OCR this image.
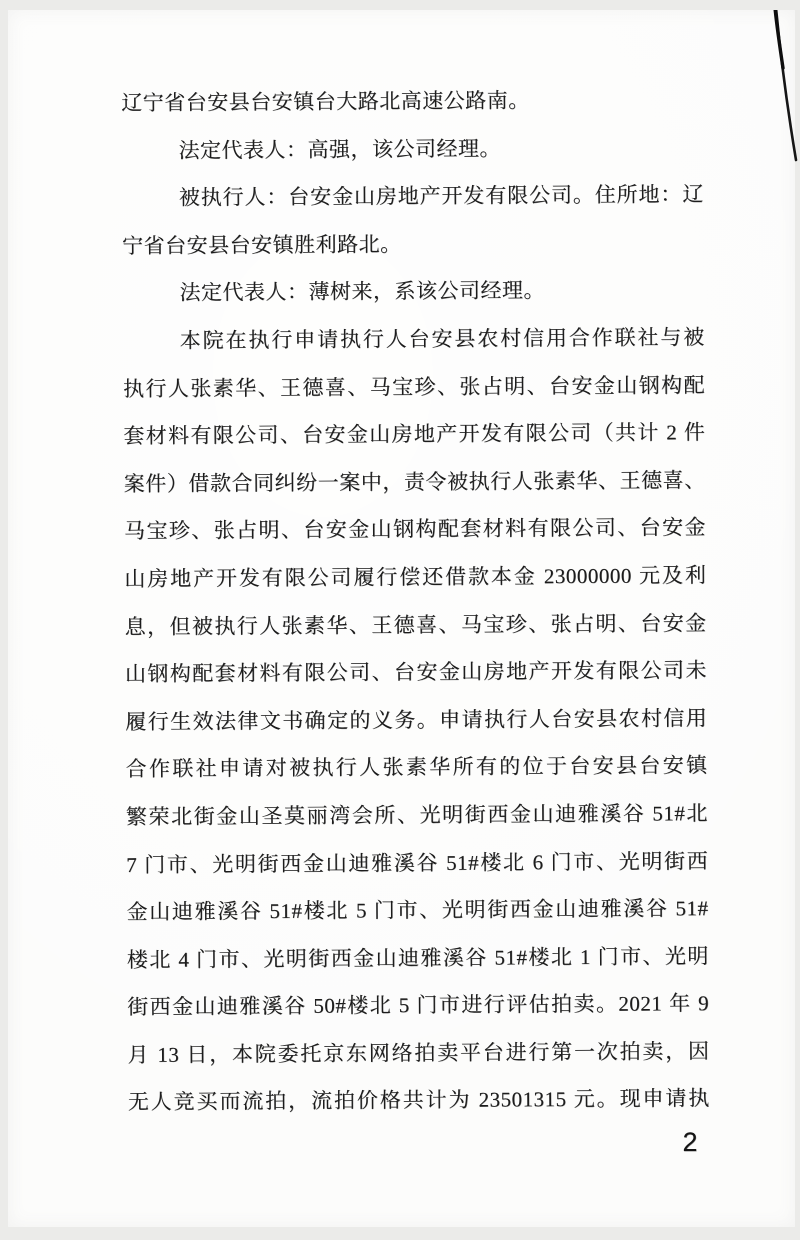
辽宁省台安县台安镇台大路北高速公路南。
法定代表人：高强，该公司经理。
被执行人：台安金山房地产开发有限公司。住所地：辽
宁省台安县台安镇胜利路北。
法定代表人：薄树来，系该公司经理。
本院在执行申请执行人台安县农村信用合作联社与被
执行人张素华、王德喜、马宝珍、张占明、台安金山钢构配
套材料有限公司、台安金山房地产开发有限公司（共计 2 件
案件）借款合同纠纷一案中，责令被执行人张素华、王德喜、
马宝珍、张占明、台安金山钢构配套材料有限公司、台安金
山房地产开发有限公司履行偿还借款本金 23000000 元及利
息，但被执行人张素华、王德喜、马宝珍、张占明、台安金
山钢构配套材料有限公司、台安金山房地产开发有限公司未
履行生效法律文书确定的义务。申请执行人台安县农村信用
合作联社申请对被执行人张素华所有的位于台安县台安镇
繁荣北街金山圣莫丽湾会所、光明街西金山迪雅溪谷 51#北
7 门市、光明街西金山迪雅溪谷 51#楼北 6 门市、光明街西
金山迪雅溪谷 51#楼北 5 门市、光明街西金山迪雅溪谷 51#
楼北 4 门市、光明街西金山迪雅溪谷 51#楼北 1 门市、光明
街西金山迪雅溪谷 50#楼北 5 门市进行评估拍卖。2021 年 9
月 13 日，本院委托京东网络拍卖平台进行第一次拍卖，因
无人竞买而流拍，流拍价格共计为 23501315 元。现申请执
2
